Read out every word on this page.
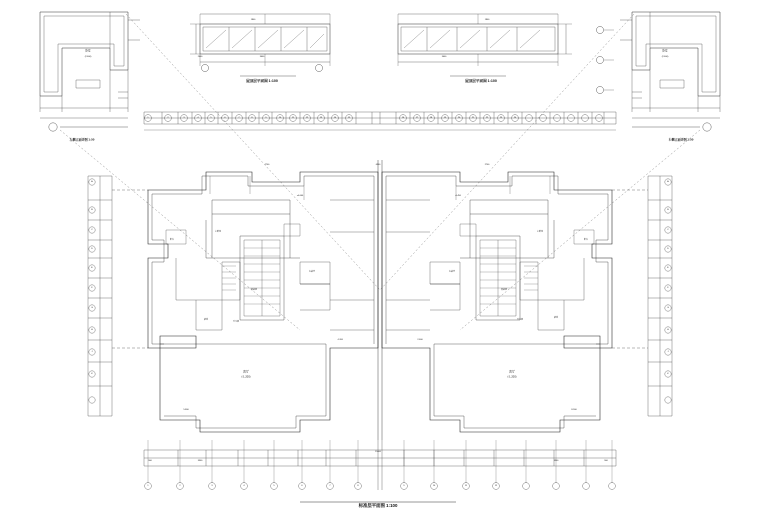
屋顶层平面图 1:100	屋顶层平面图 1:100
左侧立面详图 1:50	右侧立面详图 1:50
标准层平面图 1:100
卧室
(2.600)
卧室
(2.600)
客厅
(-1.200)
客厅
(-1.200)
厨房
卫生间
卫生间
厨房
楼梯间	楼梯间
阳台	阳台
主卧室	主卧室
电梯厅	电梯厅
1800	1800
3600	3600
2400
6300
2700	2700
15000
3300	3300
900	900
1	2	3	4	5	6	7	8	9	10	11	12	13	14	15	16	17	18	19	20	21	22	23	24
A
B
C
D
E
F
G
H
J
K
A
B
C
D
E
F
G
H
J
K
1	2	3	4	5	6	7	8	9	10	11	12
±0.000	-0.450
-1.200	2.600
5.800	8.900
